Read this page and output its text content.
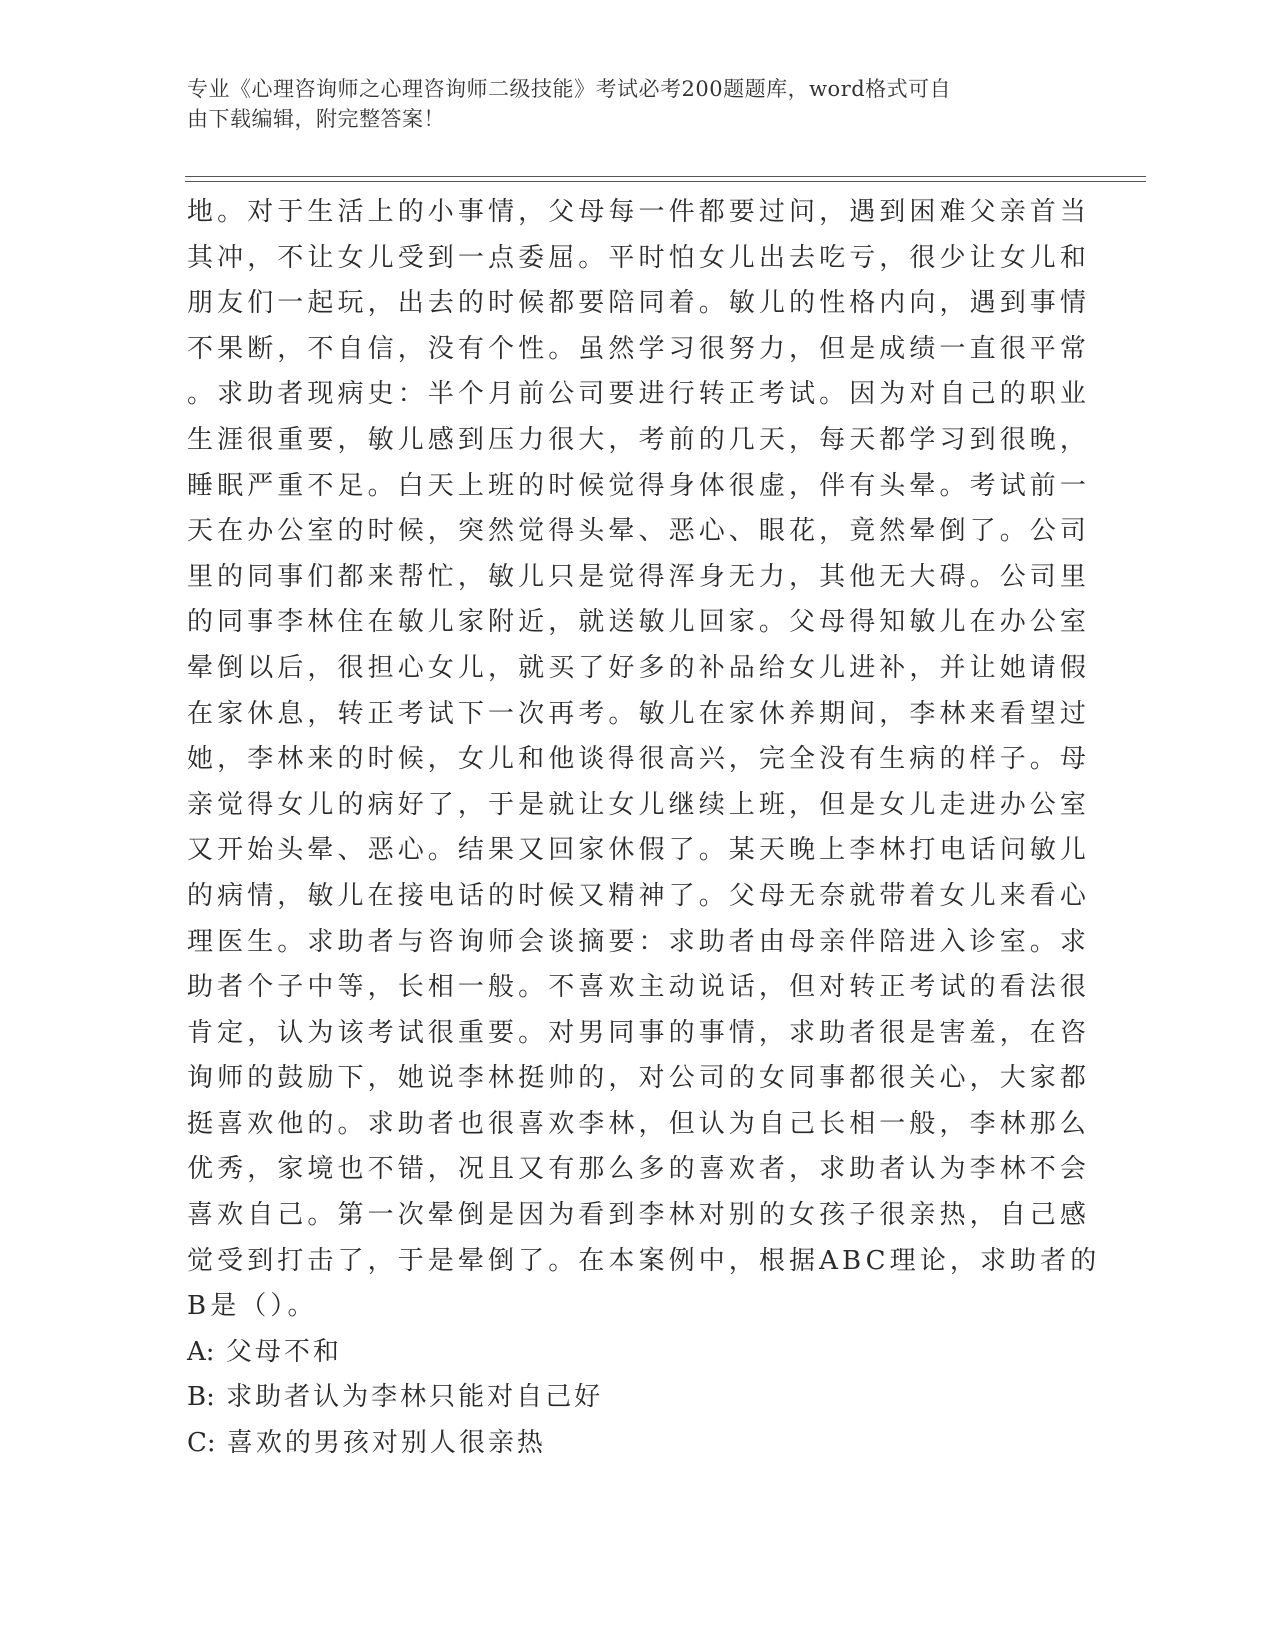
专业《心理咨询师之心理咨询师二级技能》考试必考200题题库，word格式可自
由下载编辑，附完整答案！
地。对于生活上的小事情，父母每一件都要过问，遇到困难父亲首当
其冲，不让女儿受到一点委屈。平时怕女儿出去吃亏，很少让女儿和
朋友们一起玩，出去的时候都要陪同着。敏儿的性格内向，遇到事情
不果断，不自信，没有个性。虽然学习很努力，但是成绩一直很平常
。求助者现病史：半个月前公司要进行转正考试。因为对自己的职业
生涯很重要，敏儿感到压力很大，考前的几天，每天都学习到很晚，
睡眠严重不足。白天上班的时候觉得身体很虚，伴有头晕。考试前一
天在办公室的时候，突然觉得头晕、恶心、眼花，竟然晕倒了。公司
里的同事们都来帮忙，敏儿只是觉得浑身无力，其他无大碍。公司里
的同事李林住在敏儿家附近，就送敏儿回家。父母得知敏儿在办公室
晕倒以后，很担心女儿，就买了好多的补品给女儿进补，并让她请假
在家休息，转正考试下一次再考。敏儿在家休养期间，李林来看望过
她，李林来的时候，女儿和他谈得很高兴，完全没有生病的样子。母
亲觉得女儿的病好了，于是就让女儿继续上班，但是女儿走进办公室
又开始头晕、恶心。结果又回家休假了。某天晚上李林打电话问敏儿
的病情，敏儿在接电话的时候又精神了。父母无奈就带着女儿来看心
理医生。求助者与咨询师会谈摘要：求助者由母亲伴陪进入诊室。求
助者个子中等，长相一般。不喜欢主动说话，但对转正考试的看法很
肯定，认为该考试很重要。对男同事的事情，求助者很是害羞，在咨
询师的鼓励下，她说李林挺帅的，对公司的女同事都很关心，大家都
挺喜欢他的。求助者也很喜欢李林，但认为自己长相一般，李林那么
优秀，家境也不错，况且又有那么多的喜欢者，求助者认为李林不会
喜欢自己。第一次晕倒是因为看到李林对别的女孩子很亲热，自己感
觉受到打击了，于是晕倒了。在本案例中，根据ABC理论，求助者的
B是（）。
A: 父母不和
B: 求助者认为李林只能对自己好
C: 喜欢的男孩对别人很亲热
